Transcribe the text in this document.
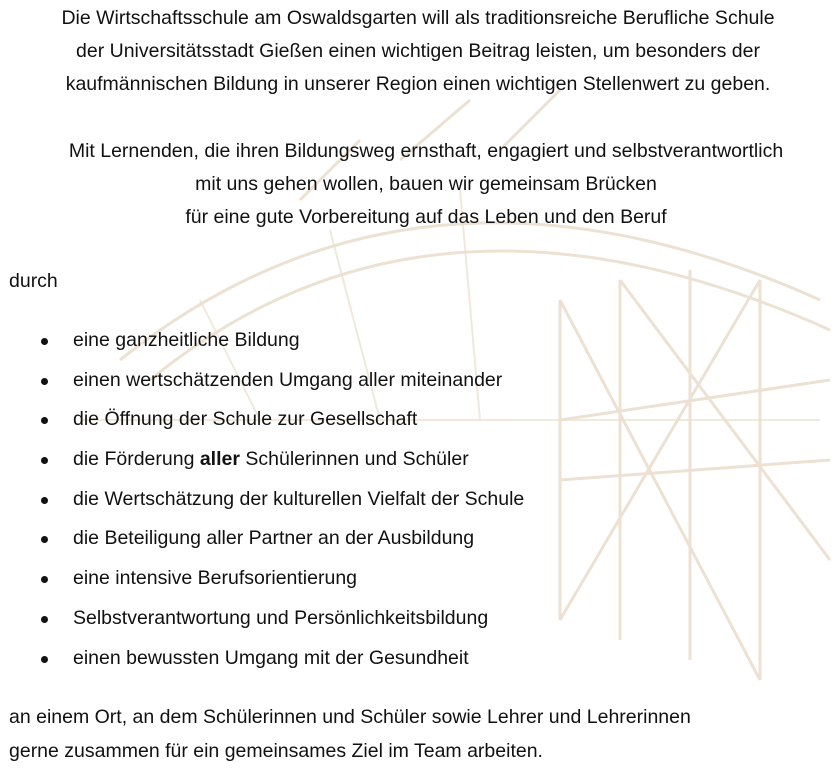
Die Wirtschaftsschule am Oswaldsgarten will als traditionsreiche Berufliche Schule
der Universitätsstadt Gießen einen wichtigen Beitrag leisten, um besonders der
kaufmännischen Bildung in unserer Region einen wichtigen Stellenwert zu geben.
Mit Lernenden, die ihren Bildungsweg ernsthaft, engagiert und selbstverantwortlich
mit uns gehen wollen, bauen wir gemeinsam Brücken
für eine gute Vorbereitung auf das Leben und den Beruf

durch

eine ganzheitliche Bildung
einen wertschätzenden Umgang aller miteinander
die Öffnung der Schule zur Gesellschaft
die Förderung aller Schülerinnen und Schüler
die Wertschätzung der kulturellen Vielfalt der Schule
die Beteiligung aller Partner an der Ausbildung
eine intensive Berufsorientierung
Selbstverantwortung und Persönlichkeitsbildung
einen bewussten Umgang mit der Gesundheit

an einem Ort, an dem Schülerinnen und Schüler sowie Lehrer und Lehrerinnen
gerne zusammen für ein gemeinsames Ziel im Team arbeiten.
